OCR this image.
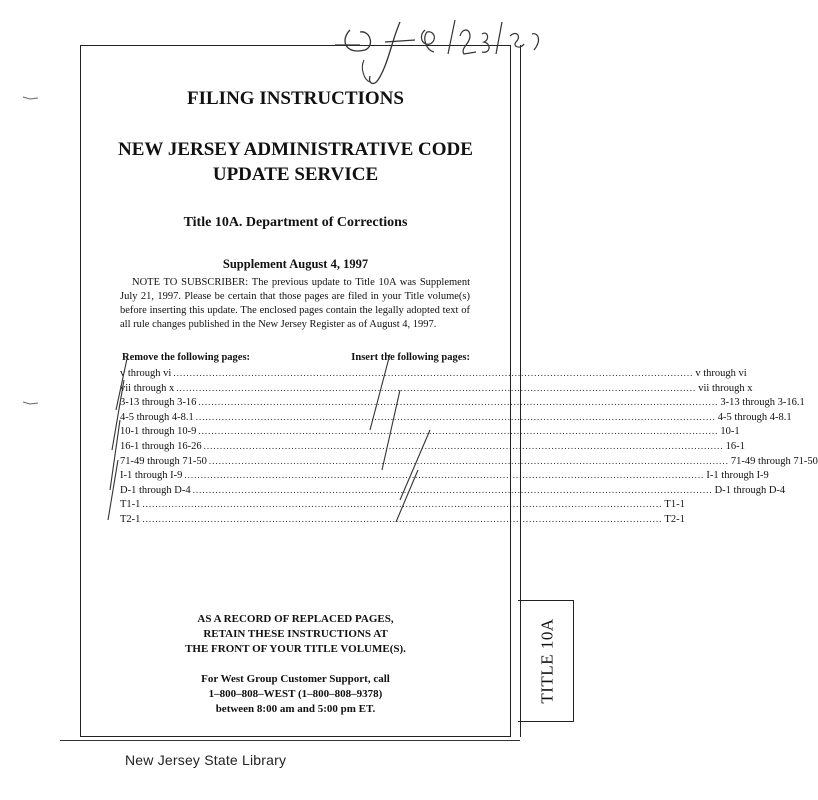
FILING INSTRUCTIONS
NEW JERSEY ADMINISTRATIVE CODE
UPDATE SERVICE
Title 10A. Department of Corrections
Supplement August 4, 1997
NOTE TO SUBSCRIBER: The previous update to Title 10A was Supplement July 21, 1997. Please be certain that those pages are filed in your Title volume(s) before inserting this update. The enclosed pages contain the legally adopted text of all rule changes published in the New Jersey Register as of August 4, 1997.
Remove the following pages:	Insert the following pages:
v through vi ................................................................................................................................................................ v through vi
vii through x ................................................................................................................................................................ vii through x
3-13 through 3-16 ................................................................................................................................................................ 3-13 through 3-16.1
4-5 through 4-8.1 ................................................................................................................................................................ 4-5 through 4-8.1
10-1 through 10-9 ................................................................................................................................................................ 10-1
16-1 through 16-26 ................................................................................................................................................................ 16-1
71-49 through 71-50 ................................................................................................................................................................ 71-49 through 71-50
I-1 through I-9 ................................................................................................................................................................ I-1 through I-9
D-1 through D-4 ................................................................................................................................................................ D-1 through D-4
T1-1 ................................................................................................................................................................ T1-1
T2-1 ................................................................................................................................................................ T2-1
AS A RECORD OF REPLACED PAGES,
RETAIN THESE INSTRUCTIONS AT
THE FRONT OF YOUR TITLE VOLUME(S).
For West Group Customer Support, call
1–800–808–WEST (1–800–808–9378)
between 8:00 am and 5:00 pm ET.
TITLE 10A
New Jersey State Library
